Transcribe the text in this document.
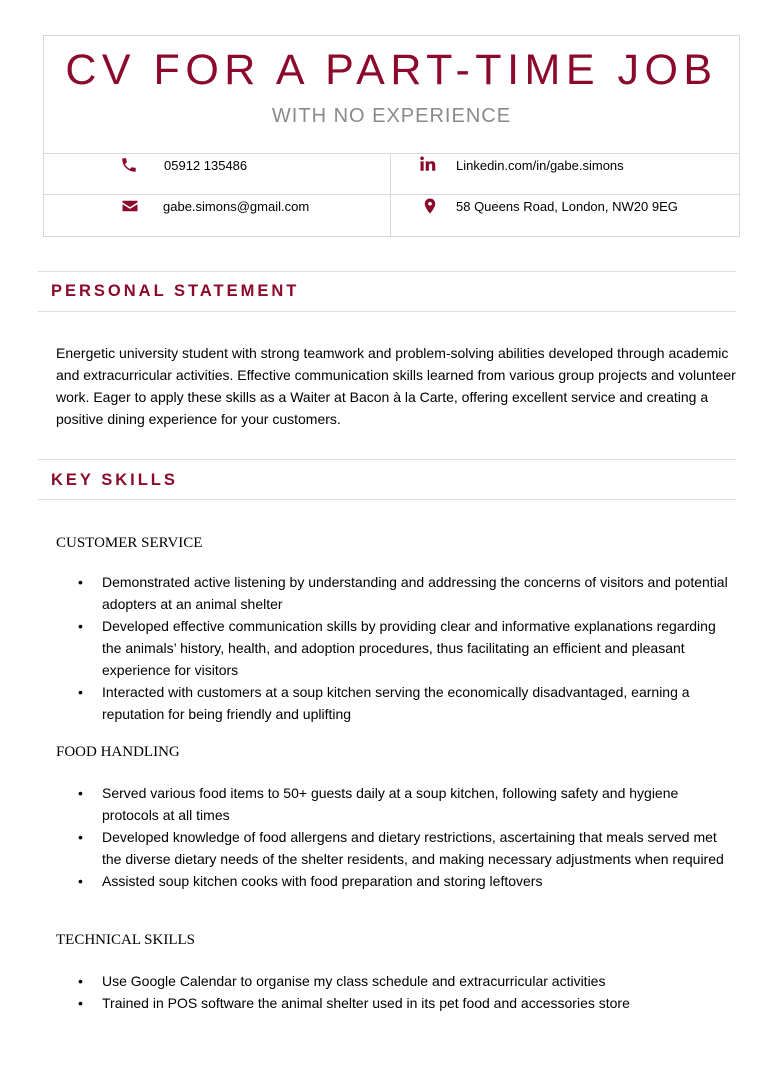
CV FOR A PART-TIME JOB
WITH NO EXPERIENCE
05912 135486	Linkedin.com/in/gabe.simons
gabe.simons@gmail.com	58 Queens Road, London, NW20 9EG
PERSONAL STATEMENT
Energetic university student with strong teamwork and problem-solving abilities developed through academic and extracurricular activities. Effective communication skills learned from various group projects and volunteer work. Eager to apply these skills as a Waiter at Bacon à la Carte, offering excellent service and creating a positive dining experience for your customers.
KEY SKILLS
CUSTOMER SERVICE
• Demonstrated active listening by understanding and addressing the concerns of visitors and potential adopters at an animal shelter
• Developed effective communication skills by providing clear and informative explanations regarding the animals’ history, health, and adoption procedures, thus facilitating an efficient and pleasant experience for visitors
• Interacted with customers at a soup kitchen serving the economically disadvantaged, earning a reputation for being friendly and uplifting
FOOD HANDLING
• Served various food items to 50+ guests daily at a soup kitchen, following safety and hygiene protocols at all times
• Developed knowledge of food allergens and dietary restrictions, ascertaining that meals served met the diverse dietary needs of the shelter residents, and making necessary adjustments when required
• Assisted soup kitchen cooks with food preparation and storing leftovers
TECHNICAL SKILLS
• Use Google Calendar to organise my class schedule and extracurricular activities
• Trained in POS software the animal shelter used in its pet food and accessories store
